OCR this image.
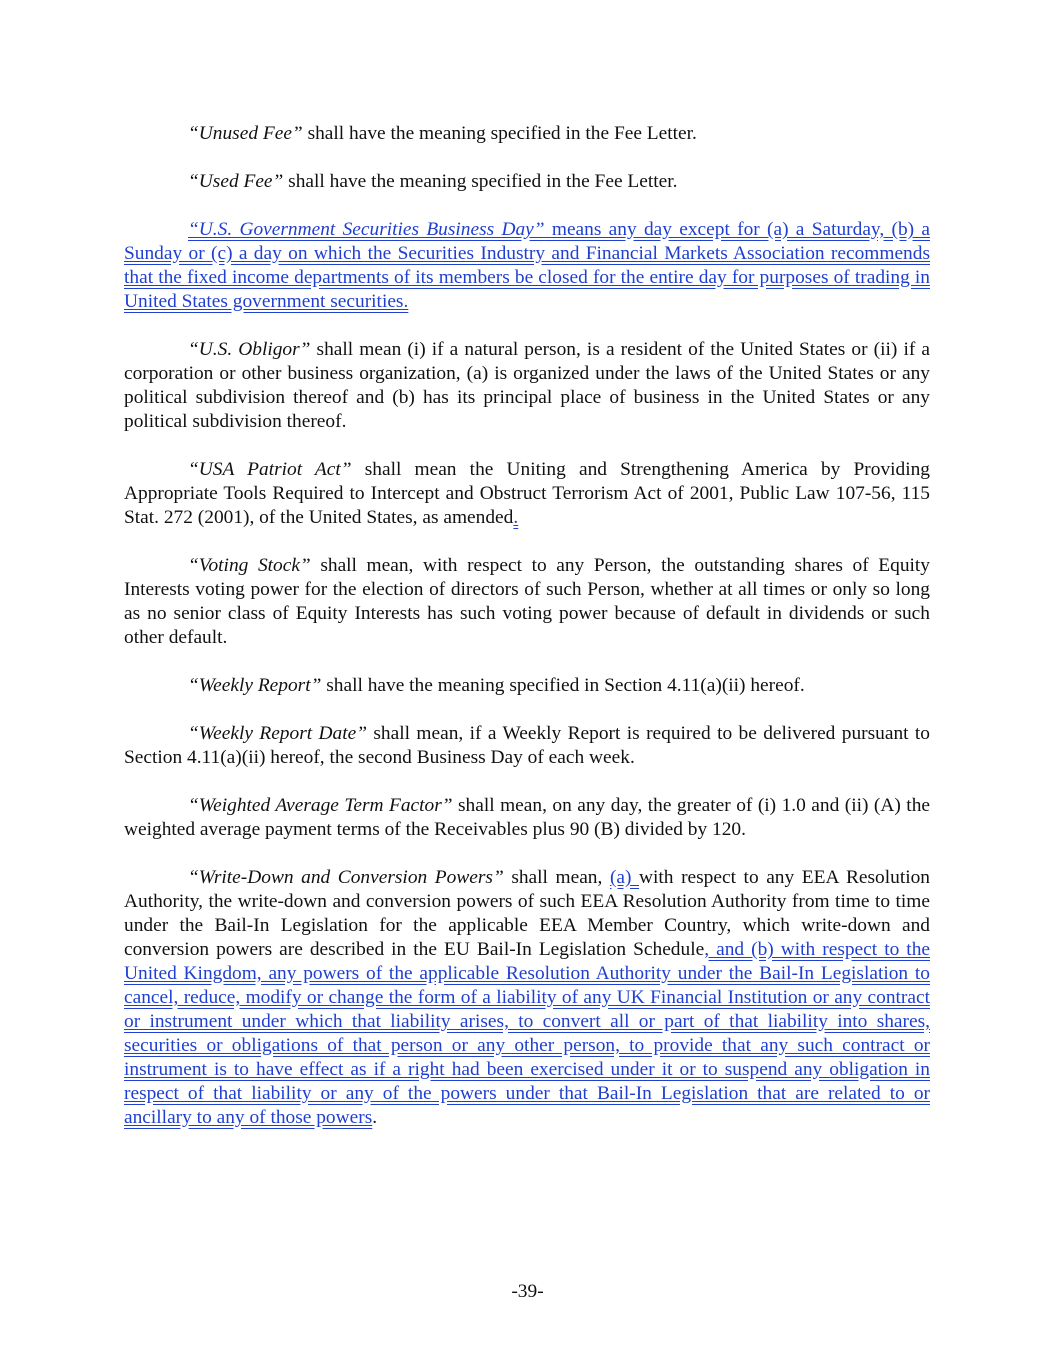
“Unused Fee” shall have the meaning specified in the Fee Letter.

“Used Fee” shall have the meaning specified in the Fee Letter.

“U.S. Government Securities Business Day” means any day except for (a) a Saturday, (b) a Sunday or (c) a day on which the Securities Industry and Financial Markets Association recommends that the fixed income departments of its members be closed for the entire day for purposes of trading in United States government securities.

“U.S. Obligor” shall mean (i) if a natural person, is a resident of the United States or (ii) if a corporation or other business organization, (a) is organized under the laws of the United States or any political subdivision thereof and (b) has its principal place of business in the United States or any political subdivision thereof.

“USA Patriot Act” shall mean the Uniting and Strengthening America by Providing Appropriate Tools Required to Intercept and Obstruct Terrorism Act of 2001, Public Law 107-56, 115 Stat. 272 (2001), of the United States, as amended.

“Voting Stock” shall mean, with respect to any Person, the outstanding shares of Equity Interests voting power for the election of directors of such Person, whether at all times or only so long as no senior class of Equity Interests has such voting power because of default in dividends or such other default.

“Weekly Report” shall have the meaning specified in Section 4.11(a)(ii) hereof.

“Weekly Report Date” shall mean, if a Weekly Report is required to be delivered pursuant to Section 4.11(a)(ii) hereof, the second Business Day of each week.

“Weighted Average Term Factor” shall mean, on any day, the greater of (i) 1.0 and (ii) (A) the weighted average payment terms of the Receivables plus 90 (B) divided by 120.

“Write-Down and Conversion Powers” shall mean, (a) with respect to any EEA Resolution Authority, the write-down and conversion powers of such EEA Resolution Authority from time to time under the Bail-In Legislation for the applicable EEA Member Country, which write-down and conversion powers are described in the EU Bail-In Legislation Schedule, and (b) with respect to the United Kingdom, any powers of the applicable Resolution Authority under the Bail-In Legislation to cancel, reduce, modify or change the form of a liability of any UK Financial Institution or any contract or instrument under which that liability arises, to convert all or part of that liability into shares, securities or obligations of that person or any other person, to provide that any such contract or instrument is to have effect as if a right had been exercised under it or to suspend any obligation in respect of that liability or any of the powers under that Bail-In Legislation that are related to or ancillary to any of those powers.

-39-
